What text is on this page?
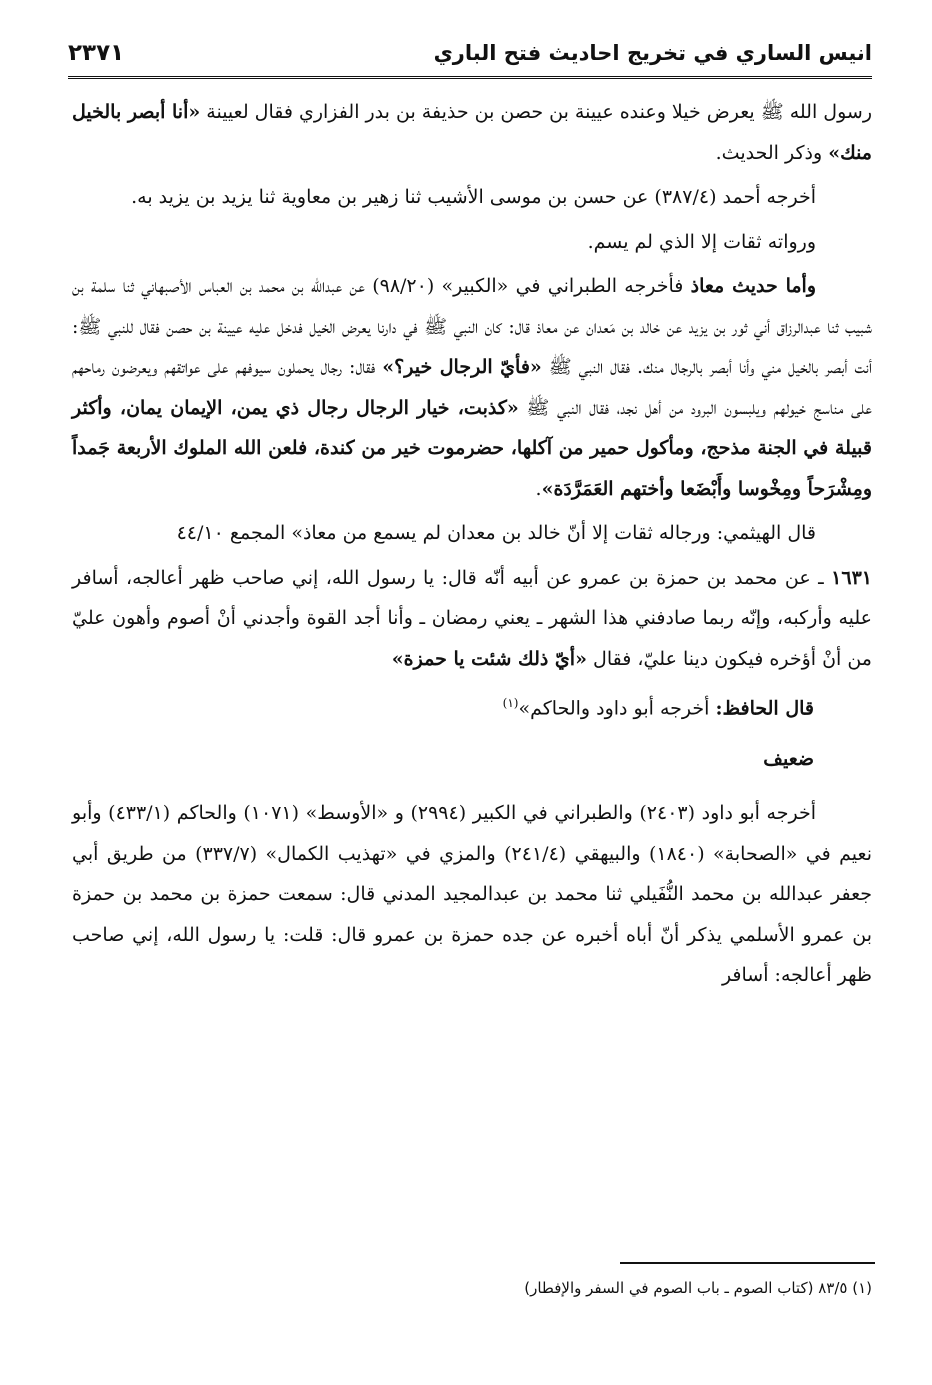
انيس الساري في تخريج احاديث فتح الباري
٢٣٧١

رسول الله ﷺ يعرض خيلا وعنده عيينة بن حصن بن حذيفة بن بدر الفزاري فقال لعيينة «أنا أبصر بالخيل منك» وذكر الحديث.

أخرجه أحمد (٣٨٧/٤) عن حسن بن موسى الأشيب ثنا زهير بن معاوية ثنا يزيد بن يزيد به.

ورواته ثقات إلا الذي لم يسم.

وأما حديث معاذ فأخرجه الطبراني في «الكبير» (٩٨/٢٠) عن عبدالله بن محمد بن العباس الأصبهاني ثنا سلمة بن شبيب ثنا عبدالرزاق أني ثور بن يزيد عن خالد بن مَعدان عن معاذ قال: كان النبي ﷺ في دارنا يعرض الخيل فدخل عليه عيينة بن حصن فقال للنبي ﷺ: أنت أبصر بالخيل مني وأنا أبصر بالرجال منك. فقال النبي ﷺ «فأيّ الرجال خير؟» فقال: رجال يحملون سيوفهم على عواتقهم ويعرضون رماحهم على مناسج خيولهم ويلبسون البرود من أهل نجد، فقال النبي ﷺ «كذبت، خيار الرجال رجال ذي يمن، الإيمان يمان، وأكثر قبيلة في الجنة مذحج، ومأكول حمير من آكلها، حضرموت خير من كندة، فلعن الله الملوك الأربعة جَمداً ومِشْرَحاً ومِخْوسا وأَبْضَعا وأختهم العَمَرَّدَة».

قال الهيثمي: ورجاله ثقات إلا أنّ خالد بن معدان لم يسمع من معاذ» المجمع ٤٤/١٠

١٦٣١ ـ عن محمد بن حمزة بن عمرو عن أبيه أنّه قال: يا رسول الله، إني صاحب ظهر أعالجه، أسافر عليه وأركبه، وإنّه ربما صادفني هذا الشهر ـ يعني رمضان ـ وأنا أجد القوة وأجدني أنْ أصوم وأهون عليّ من أنْ أؤخره فيكون دينا عليّ، فقال «أيّ ذلك شئت يا حمزة»

قال الحافظ: أخرجه أبو داود والحاكم»$^{(١)}$

ضعيف

أخرجه أبو داود (٢٤٠٣) والطبراني في الكبير (٢٩٩٤) و «الأوسط» (١٠٧١) والحاكم (٤٣٣/١) وأبو نعيم في «الصحابة» (١٨٤٠) والبيهقي (٢٤١/٤) والمزي في «تهذيب الكمال» (٣٣٧/٧) من طريق أبي جعفر عبدالله بن محمد النُّفَيلي ثنا محمد بن عبدالمجيد المدني قال: سمعت حمزة بن محمد بن حمزة بن عمرو الأسلمي يذكر أنّ أباه أخبره عن جده حمزة بن عمرو قال: قلت: يا رسول الله، إني صاحب ظهر أعالجه: أسافر

(١) ٨٣/٥ (كتاب الصوم ـ باب الصوم في السفر والإفطار)
